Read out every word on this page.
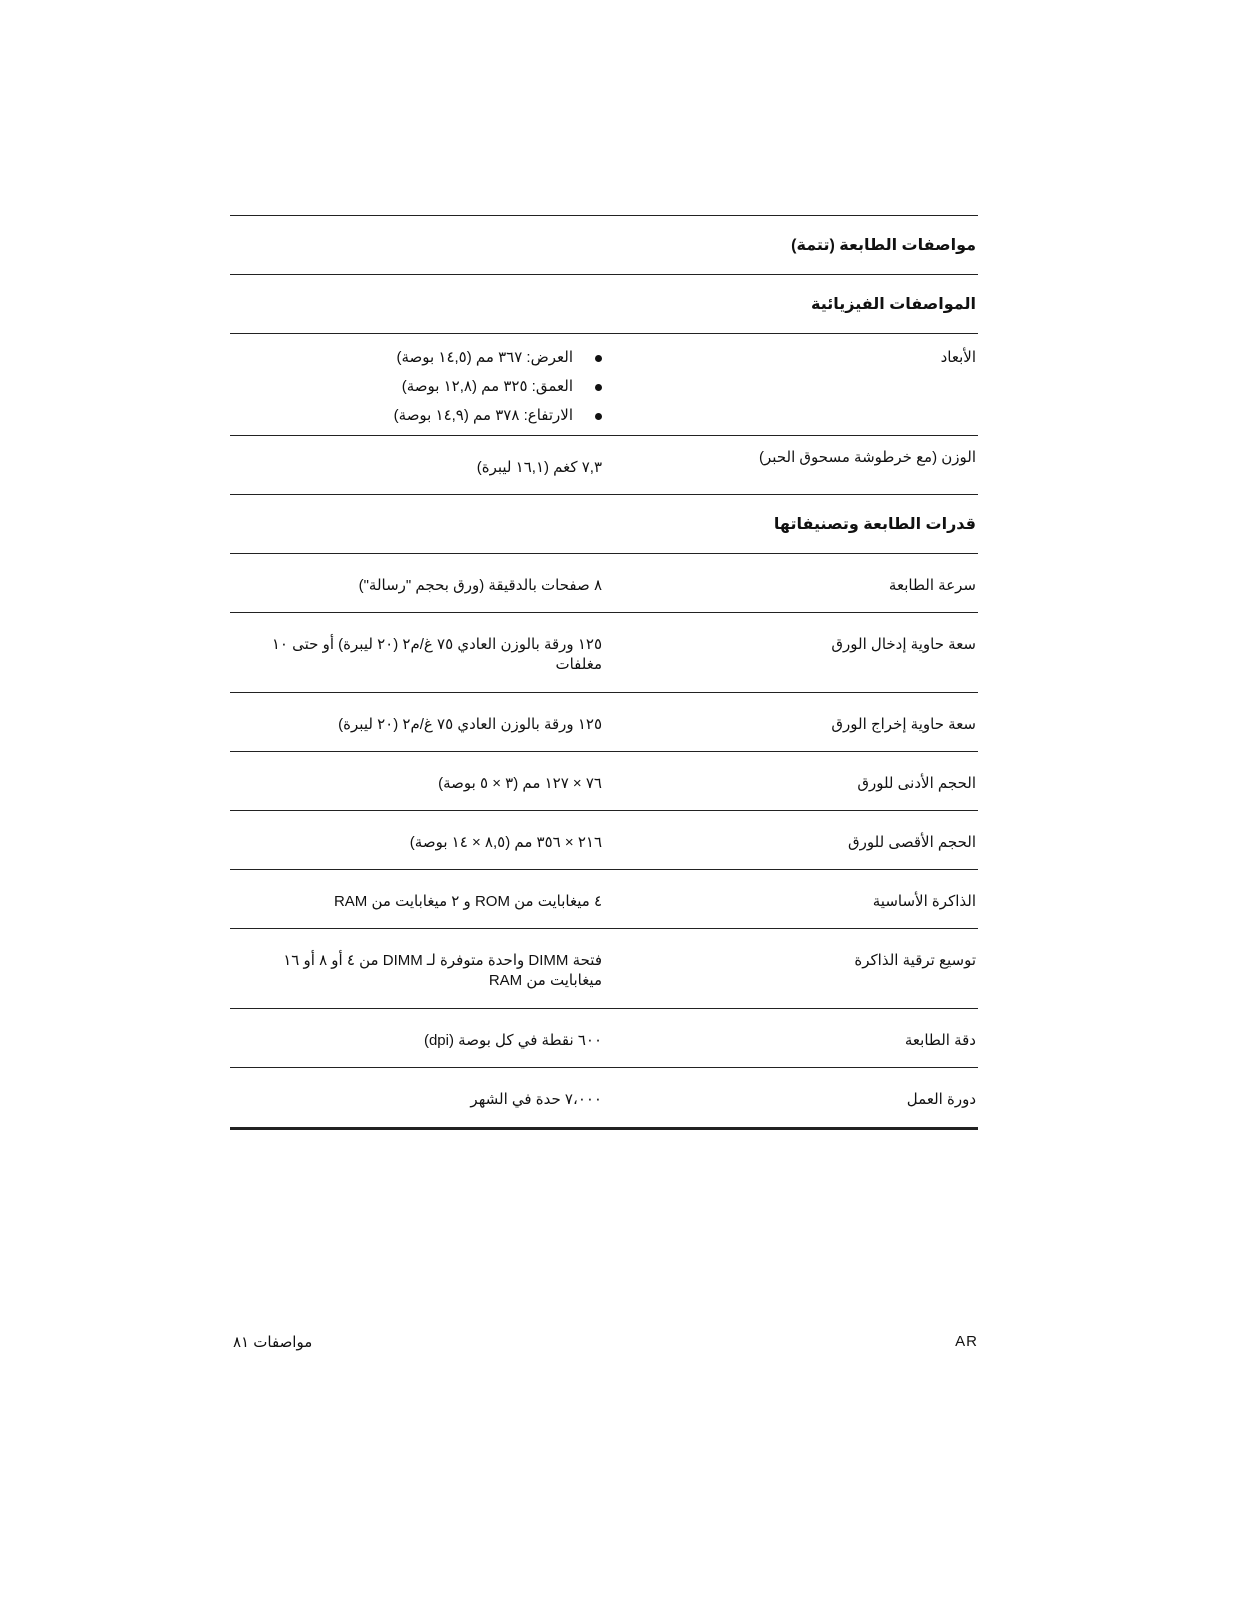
مواصفات الطابعة (تتمة)
المواصفات الفيزيائية
الأبعاد
العرض: ٣٦٧ مم (١٤,٥ بوصة)
العمق: ٣٢٥ مم (١٢,٨ بوصة)
الارتفاع: ٣٧٨ مم (١٤,٩ بوصة)
الوزن (مع خرطوشة مسحوق الحبر)
٧,٣ كغم (١٦,١ ليبرة)
قدرات الطابعة وتصنيفاتها
سرعة الطابعة
٨ صفحات بالدقيقة (ورق بحجم "رسالة")
سعة حاوية إدخال الورق
١٢٥ ورقة بالوزن العادي ٧٥ غ/م٢ (٢٠ ليبرة) أو حتى ١٠ مغلفات
سعة حاوية إخراج الورق
١٢٥ ورقة بالوزن العادي ٧٥ غ/م٢ (٢٠ ليبرة)
الحجم الأدنى للورق
٧٦ × ١٢٧ مم (٣ × ٥ بوصة)
الحجم الأقصى للورق
٢١٦ × ٣٥٦ مم (٨,٥ × ١٤ بوصة)
الذاكرة الأساسية
٤ ميغابايت من ROM و ٢ ميغابايت من RAM
توسيع ترقية الذاكرة
فتحة DIMM واحدة متوفرة لـ DIMM من ٤ أو ٨ أو ١٦ ميغابايت من RAM
دقة الطابعة
٦٠٠ نقطة في كل بوصة (dpi)
دورة العمل
٧،٠٠٠ حدة في الشهر
مواصفات ٨١	AR
